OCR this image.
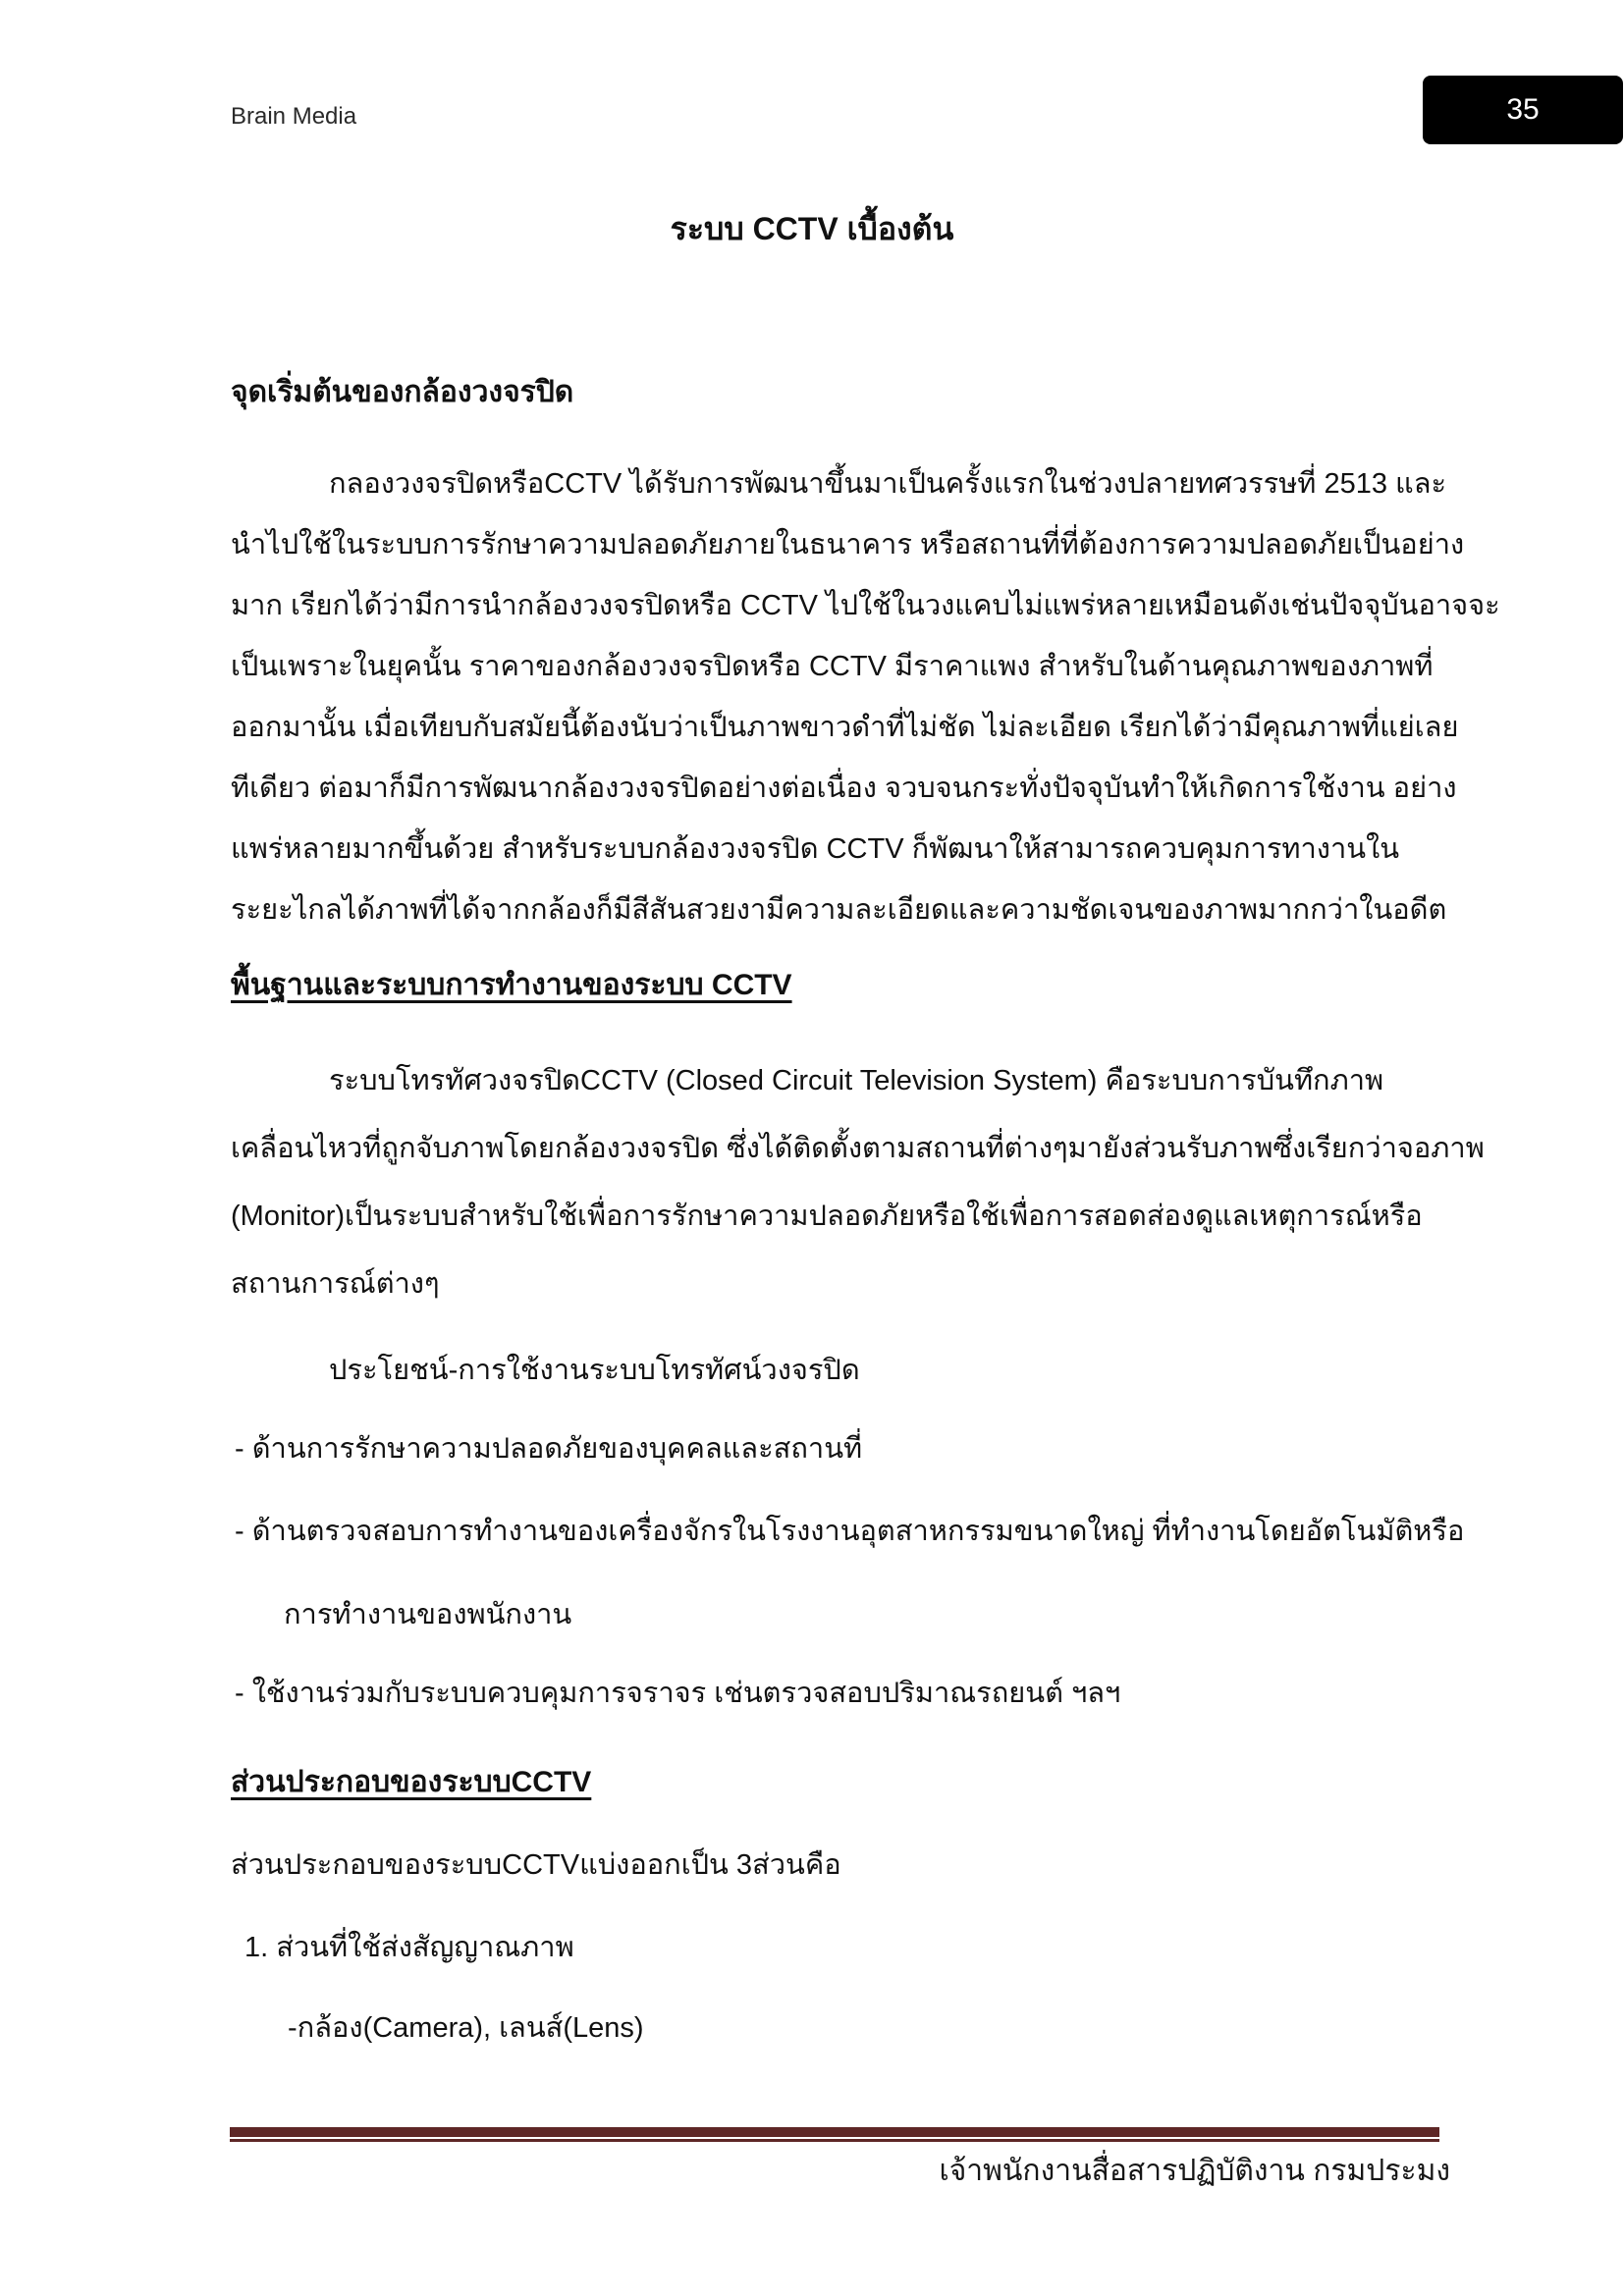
Brain Media	35
ระบบ CCTV เบื้องต้น
จุดเริ่มต้นของกล้องวงจรปิด
กลองวงจรปิดหรือCCTV ได้รับการพัฒนาขึ้นมาเป็นครั้งแรกในช่วงปลายทศวรรษที่ 2513 และ
นำไปใช้ในระบบการรักษาความปลอดภัยภายในธนาคาร หรือสถานที่ที่ต้องการความปลอดภัยเป็นอย่าง
มาก เรียกได้ว่ามีการนำกล้องวงจรปิดหรือ CCTV ไปใช้ในวงแคบไม่แพร่หลายเหมือนดังเช่นปัจจุบันอาจจะ
เป็นเพราะในยุคนั้น ราคาของกล้องวงจรปิดหรือ CCTV มีราคาแพง สำหรับในด้านคุณภาพของภาพที่
ออกมานั้น เมื่อเทียบกับสมัยนี้ต้องนับว่าเป็นภาพขาวดำที่ไม่ชัด ไม่ละเอียด เรียกได้ว่ามีคุณภาพที่แย่เลย
ทีเดียว ต่อมาก็มีการพัฒนากล้องวงจรปิดอย่างต่อเนื่อง จวบจนกระทั่งปัจจุบันทำให้เกิดการใช้งาน อย่าง
แพร่หลายมากขึ้นด้วย สำหรับระบบกล้องวงจรปิด CCTV ก็พัฒนาให้สามารถควบคุมการทางานใน
ระยะไกลได้ภาพที่ได้จากกล้องก็มีสีสันสวยงามีความละเอียดและความชัดเจนของภาพมากกว่าในอดีต
พื้นฐานและระบบการทำงานของระบบ CCTV
ระบบโทรทัศวงจรปิดCCTV (Closed Circuit Television System) คือระบบการบันทึกภาพ
เคลื่อนไหวที่ถูกจับภาพโดยกล้องวงจรปิด ซึ่งได้ติดตั้งตามสถานที่ต่างๆมายังส่วนรับภาพซึ่งเรียกว่าจอภาพ
(Monitor)เป็นระบบสำหรับใช้เพื่อการรักษาความปลอดภัยหรือใช้เพื่อการสอดส่องดูแลเหตุการณ์หรือ
สถานการณ์ต่างๆ
ประโยชน์-การใช้งานระบบโทรทัศน์วงจรปิด
- ด้านการรักษาความปลอดภัยของบุคคลและสถานที่
- ด้านตรวจสอบการทำงานของเครื่องจักรในโรงงานอุตสาหกรรมขนาดใหญ่ ที่ทำงานโดยอัตโนมัติหรือ
การทำงานของพนักงาน
- ใช้งานร่วมกับระบบควบคุมการจราจร เช่นตรวจสอบปริมาณรถยนต์ ฯลฯ
ส่วนประกอบของระบบCCTV
ส่วนประกอบของระบบCCTVแบ่งออกเป็น 3ส่วนคือ
1. ส่วนที่ใช้ส่งสัญญาณภาพ
-กล้อง(Camera), เลนส์(Lens)
เจ้าพนักงานสื่อสารปฏิบัติงาน กรมประมง
